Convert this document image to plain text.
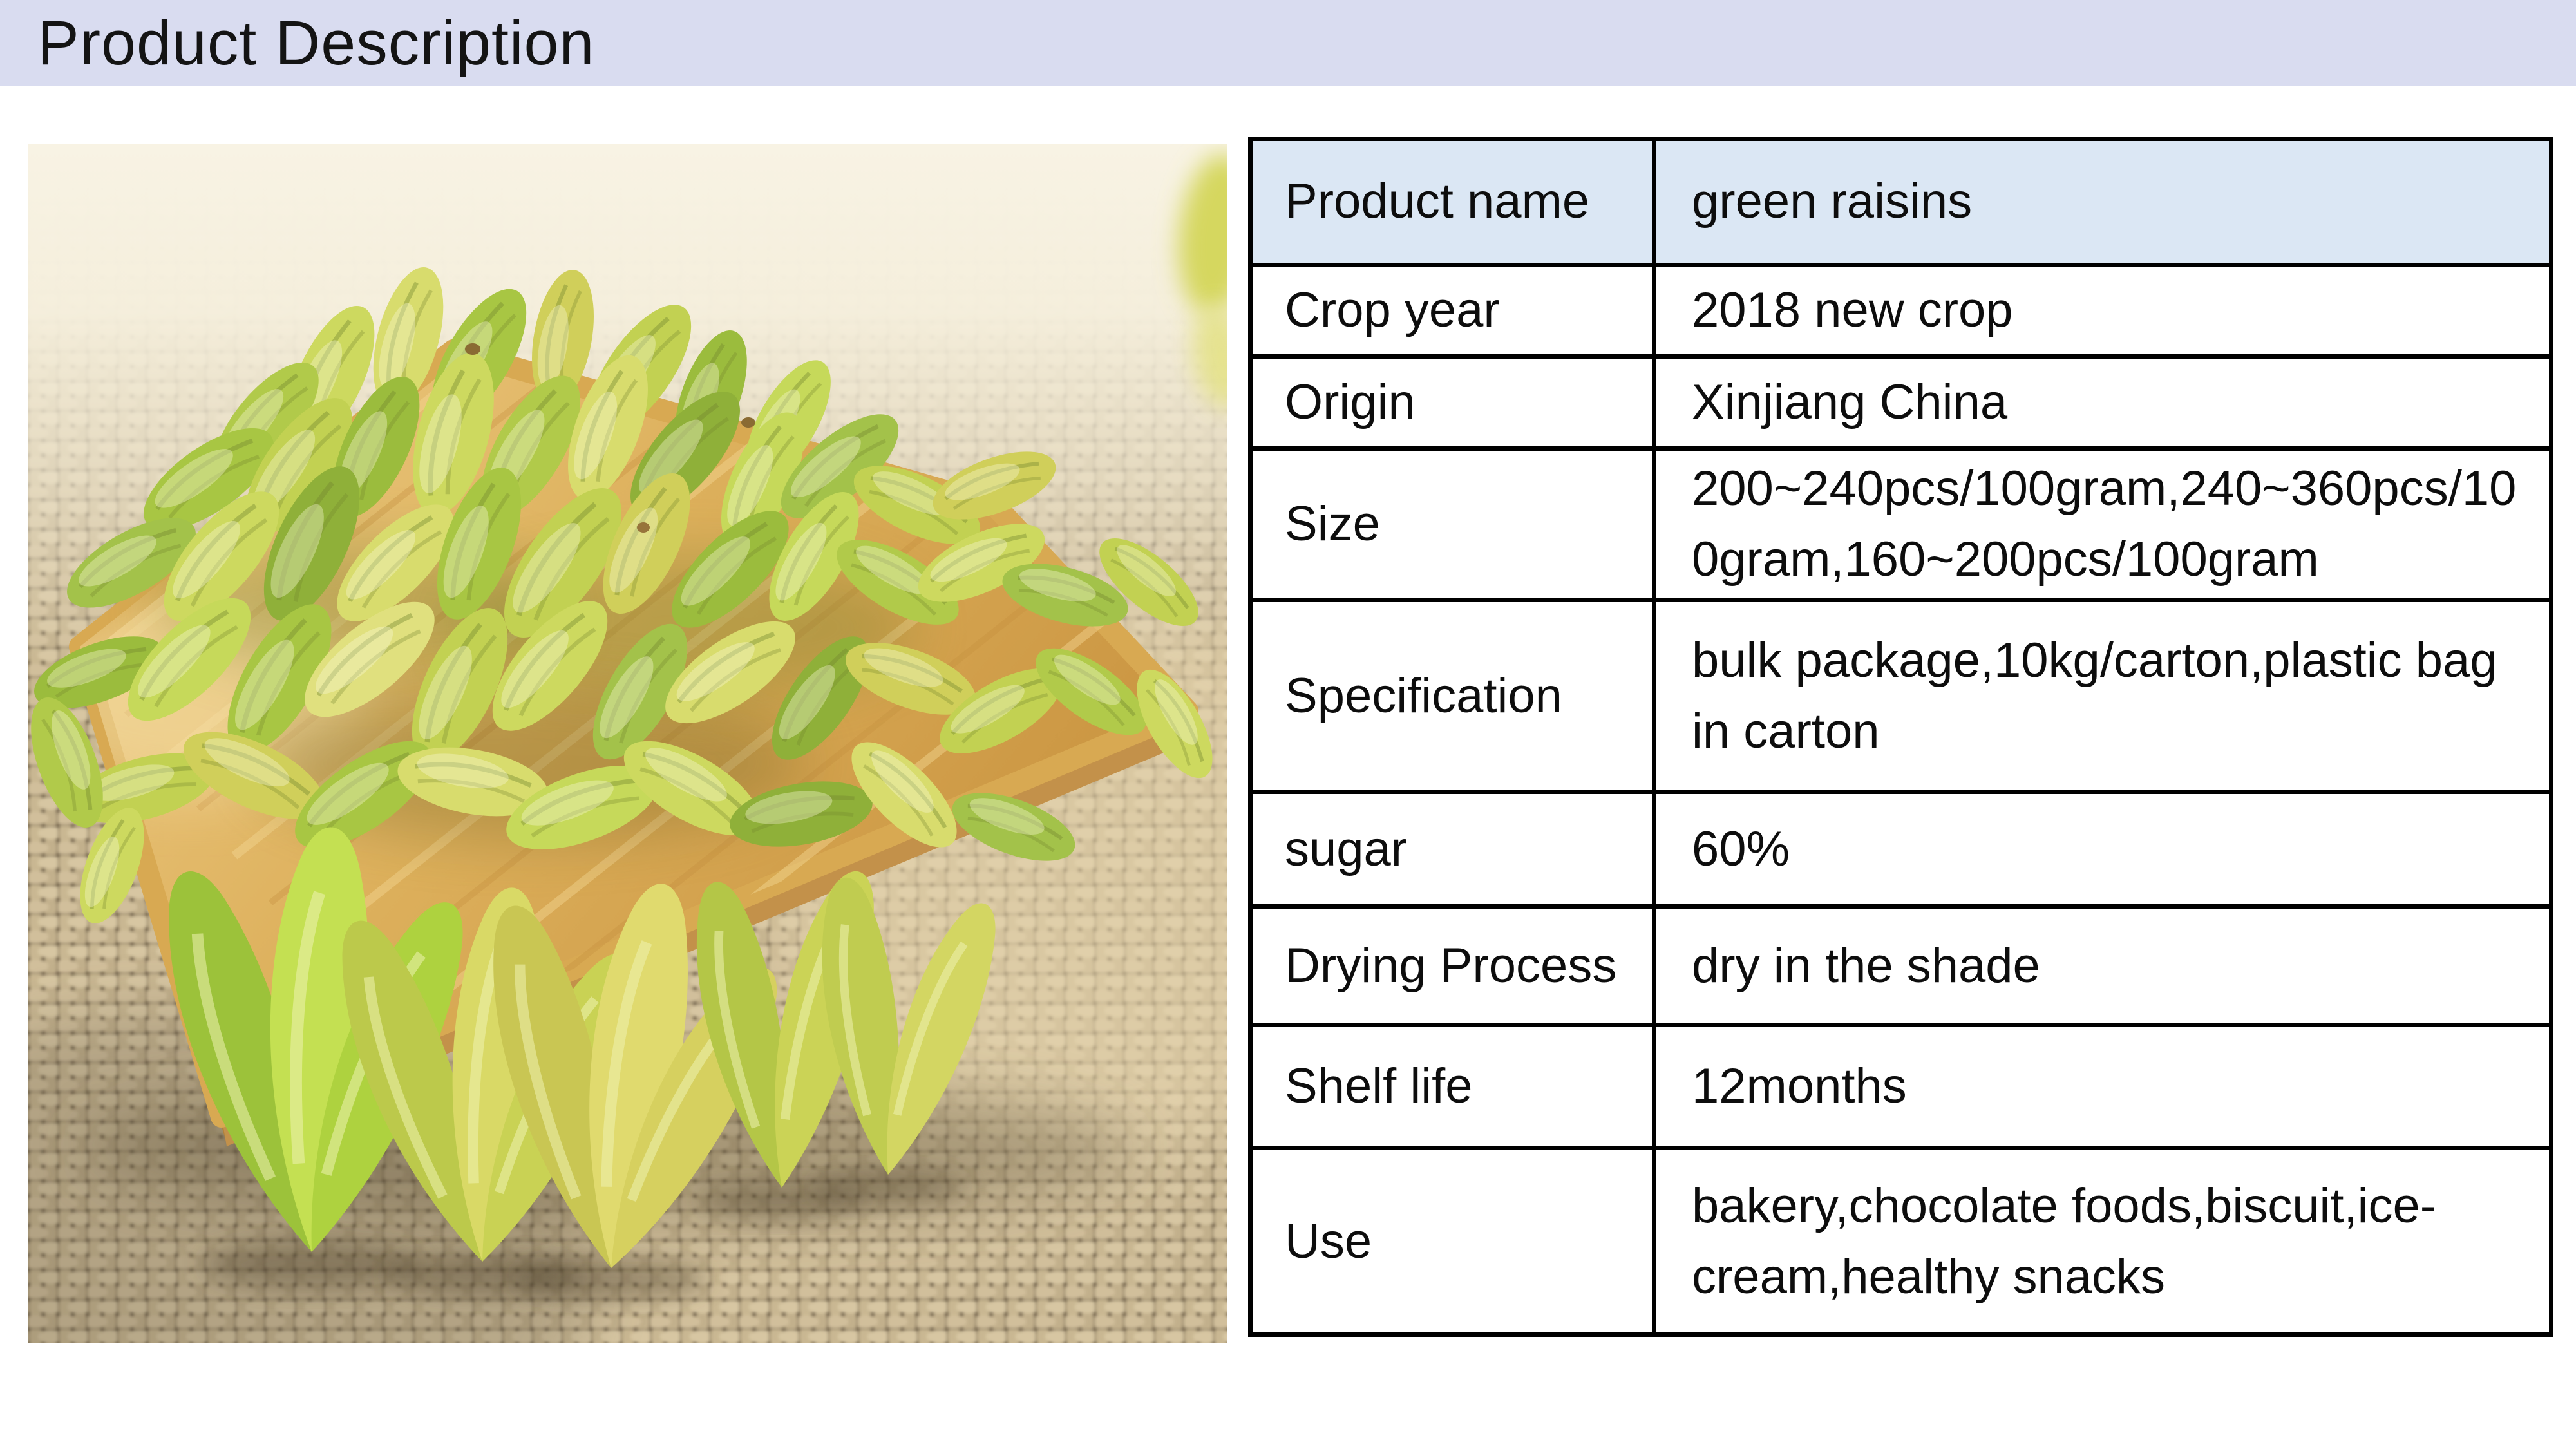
Product Description
Product name	green raisins
Crop year	2018 new crop
Origin	Xinjiang China
Size	200~240pcs/100gram,240~360pcs/100gram,160~200pcs/100gram
Specification	bulk package,10kg/carton,plastic bag in carton
sugar	60%
Drying Process	dry in the shade
Shelf life	12months
Use	bakery,chocolate foods,biscuit,ice-cream,healthy snacks
